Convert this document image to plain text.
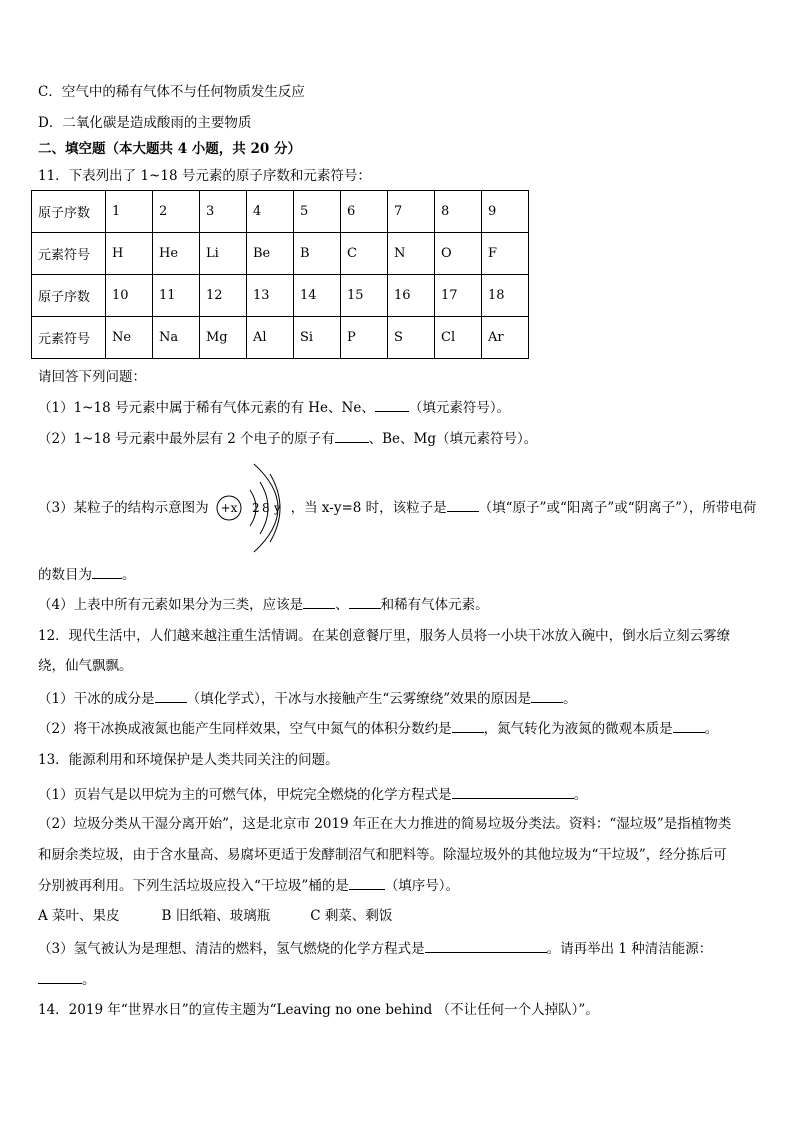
C．空气中的稀有气体不与任何物质发生反应
D．二氧化碳是造成酸雨的主要物质
二、填空题（本大题共 4 小题，共 20 分）
11．下表列出了 1~18 号元素的原子序数和元素符号：
原子序数	1	2	3	4	5	6	7	8	9
元素符号	H	He	Li	Be	B	C	N	O	F
原子序数	10	11	12	13	14	15	16	17	18
元素符号	Ne	Na	Mg	Al	Si	P	S	Cl	Ar
请回答下列问题：
（1）1~18 号元素中属于稀有气体元素的有 He、Ne、	（填元素符号）。
（2）1~18 号元素中最外层有 2 个电子的原子有	、Be、Mg（填元素符号）。
（3）某粒子的结构示意图为	，当 x-y=8 时，该粒子是 （填“原子”或“阳离子”或“阴离子”），所带电荷
+x 2 8 y
的数目为 。
（4）上表中所有元素如果分为三类，应该是 、 和稀有气体元素。
12．现代生活中，人们越来越注重生活情调。在某创意餐厅里，服务人员将一小块干冰放入碗中，倒水后立刻云雾缭
绕，仙气飘飘。
（1）干冰的成分是 （填化学式），干冰与水接触产生“云雾缭绕”效果的原因是 。
（2）将干冰换成液氮也能产生同样效果，空气中氮气的体积分数约是 ，氮气转化为液氮的微观本质是 。
13．能源利用和环境保护是人类共同关注的问题。
（1）页岩气是以甲烷为主的可燃气体，甲烷完全燃烧的化学方程式是	。
（2）垃圾分类从干湿分离开始”，这是北京市 2019 年正在大力推进的简易垃圾分类法。资料：“湿垃圾”是指植物类
和厨余类垃圾，由于含水量高、易腐坏更适于发酵制沼气和肥料等。除湿垃圾外的其他垃圾为“干垃圾”，经分拣后可
分别被再利用。下列生活垃圾应投入“干垃圾”桶的是	（填序号）。
A 菜叶、果皮	B 旧纸箱、玻璃瓶	C 剩菜、剩饭
（3）氢气被认为是理想、清洁的燃料，氢气燃烧的化学方程式是	。请再举出 1 种清洁能源：
。
14．2019 年“世界水日”的宣传主题为“Leaving no one behind （不让任何一个人掉队）”。
